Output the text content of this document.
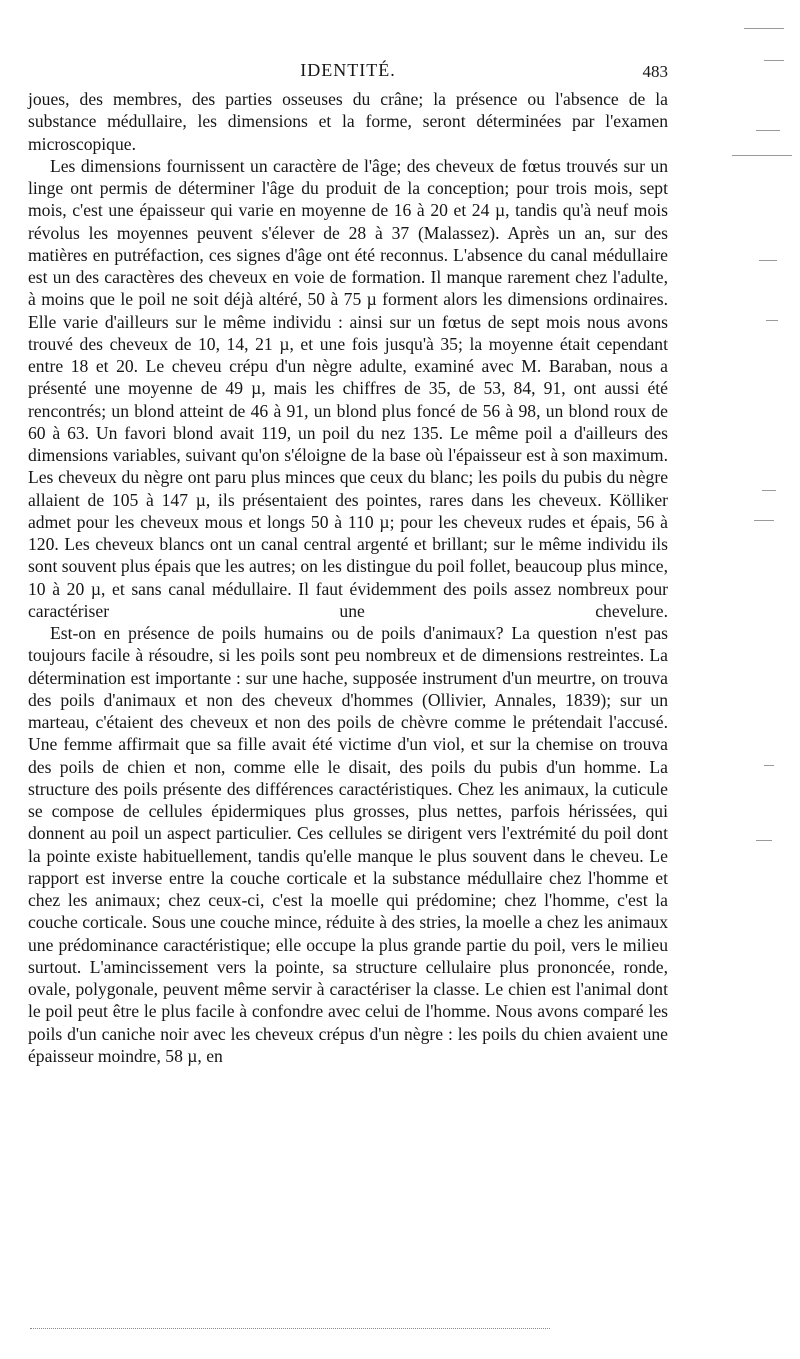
IDENTITÉ.	483

joues, des membres, des parties osseuses du crâne; la présence ou l'absence de la substance médullaire, les dimensions et la forme, seront déterminées par l'examen microscopique.

Les dimensions fournissent un caractère de l'âge; des cheveux de fœtus trouvés sur un linge ont permis de déterminer l'âge du produit de la conception; pour trois mois, sept mois, c'est une épaisseur qui varie en moyenne de 16 à 20 et 24 µ, tandis qu'à neuf mois révolus les moyennes peuvent s'élever de 28 à 37 (Malassez). Après un an, sur des matières en putréfaction, ces signes d'âge ont été reconnus. L'absence du canal médullaire est un des caractères des cheveux en voie de formation. Il manque rarement chez l'adulte, à moins que le poil ne soit déjà altéré, 50 à 75 µ forment alors les dimensions ordinaires. Elle varie d'ailleurs sur le même individu : ainsi sur un fœtus de sept mois nous avons trouvé des cheveux de 10, 14, 21 µ, et une fois jusqu'à 35; la moyenne était cependant entre 18 et 20. Le cheveu crépu d'un nègre adulte, examiné avec M. Baraban, nous a présenté une moyenne de 49 µ, mais les chiffres de 35, de 53, 84, 91, ont aussi été rencontrés; un blond atteint de 46 à 91, un blond plus foncé de 56 à 98, un blond roux de 60 à 63. Un favori blond avait 119, un poil du nez 135. Le même poil a d'ailleurs des dimensions variables, suivant qu'on s'éloigne de la base où l'épaisseur est à son maximum. Les cheveux du nègre ont paru plus minces que ceux du blanc; les poils du pubis du nègre allaient de 105 à 147 µ, ils présentaient des pointes, rares dans les cheveux. Kölliker admet pour les cheveux mous et longs 50 à 110 µ; pour les cheveux rudes et épais, 56 à 120. Les cheveux blancs ont un canal central argenté et brillant; sur le même individu ils sont souvent plus épais que les autres; on les distingue du poil follet, beaucoup plus mince, 10 à 20 µ, et sans canal médullaire. Il faut évidemment des poils assez nombreux pour caractériser une chevelure.

Est-on en présence de poils humains ou de poils d'animaux? La question n'est pas toujours facile à résoudre, si les poils sont peu nombreux et de dimensions restreintes. La détermination est importante : sur une hache, supposée instrument d'un meurtre, on trouva des poils d'animaux et non des cheveux d'hommes (Ollivier, Annales, 1839); sur un marteau, c'étaient des cheveux et non des poils de chèvre comme le prétendait l'accusé. Une femme affirmait que sa fille avait été victime d'un viol, et sur la chemise on trouva des poils de chien et non, comme elle le disait, des poils du pubis d'un homme. La structure des poils présente des différences caractéristiques. Chez les animaux, la cuticule se compose de cellules épidermiques plus grosses, plus nettes, parfois hérissées, qui donnent au poil un aspect particulier. Ces cellules se dirigent vers l'extrémité du poil dont la pointe existe habituellement, tandis qu'elle manque le plus souvent dans le cheveu. Le rapport est inverse entre la couche corticale et la substance médullaire chez l'homme et chez les animaux; chez ceux-ci, c'est la moelle qui prédomine; chez l'homme, c'est la couche corticale. Sous une couche mince, réduite à des stries, la moelle a chez les animaux une prédominance caractéristique; elle occupe la plus grande partie du poil, vers le milieu surtout. L'amincissement vers la pointe, sa structure cellulaire plus prononcée, ronde, ovale, polygonale, peuvent même servir à caractériser la classe. Le chien est l'animal dont le poil peut être le plus facile à confondre avec celui de l'homme. Nous avons comparé les poils d'un caniche noir avec les cheveux crépus d'un nègre : les poils du chien avaient une épaisseur moindre, 58 µ, en
